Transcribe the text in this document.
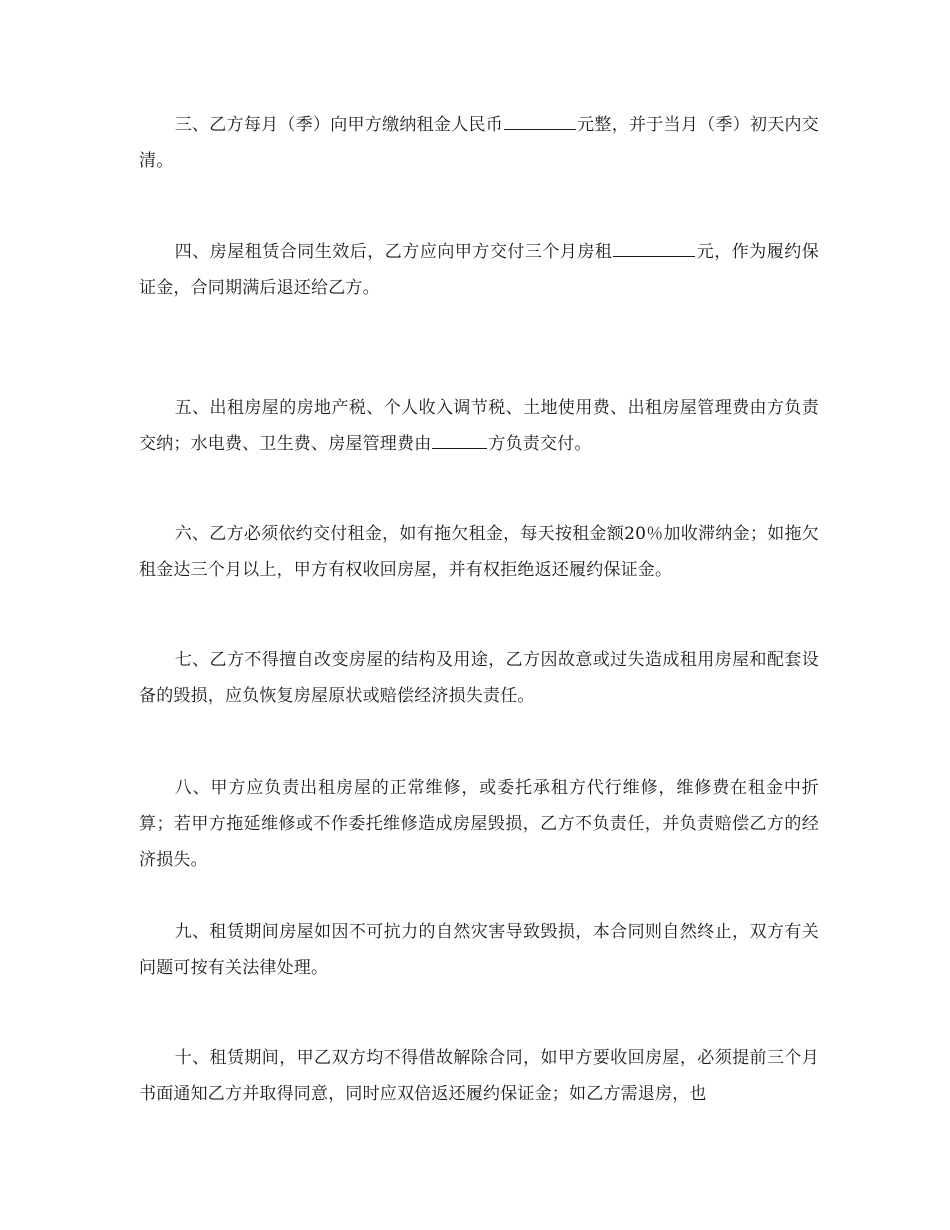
三、乙方每月（季）向甲方缴纳租金人民币	元整，并于当月（季）初天内交清。

四、房屋租赁合同生效后，乙方应向甲方交付三个月房租	元，作为履约保证金，合同期满后退还给乙方。

五、出租房屋的房地产税、个人收入调节税、土地使用费、出租房屋管理费由方负责交纳；水电费、卫生费、房屋管理费由	方负责交付。

六、乙方必须依约交付租金，如有拖欠租金，每天按租金额20％加收滞纳金；如拖欠租金达三个月以上，甲方有权收回房屋，并有权拒绝返还履约保证金。

七、乙方不得擅自改变房屋的结构及用途，乙方因故意或过失造成租用房屋和配套设备的毁损，应负恢复房屋原状或赔偿经济损失责任。

八、甲方应负责出租房屋的正常维修，或委托承租方代行维修，维修费在租金中折算；若甲方拖延维修或不作委托维修造成房屋毁损，乙方不负责任，并负责赔偿乙方的经济损失。

九、租赁期间房屋如因不可抗力的自然灾害导致毁损，本合同则自然终止，双方有关问题可按有关法律处理。

十、租赁期间，甲乙双方均不得借故解除合同，如甲方要收回房屋，必须提前三个月书面通知乙方并取得同意，同时应双倍返还履约保证金；如乙方需退房，也
